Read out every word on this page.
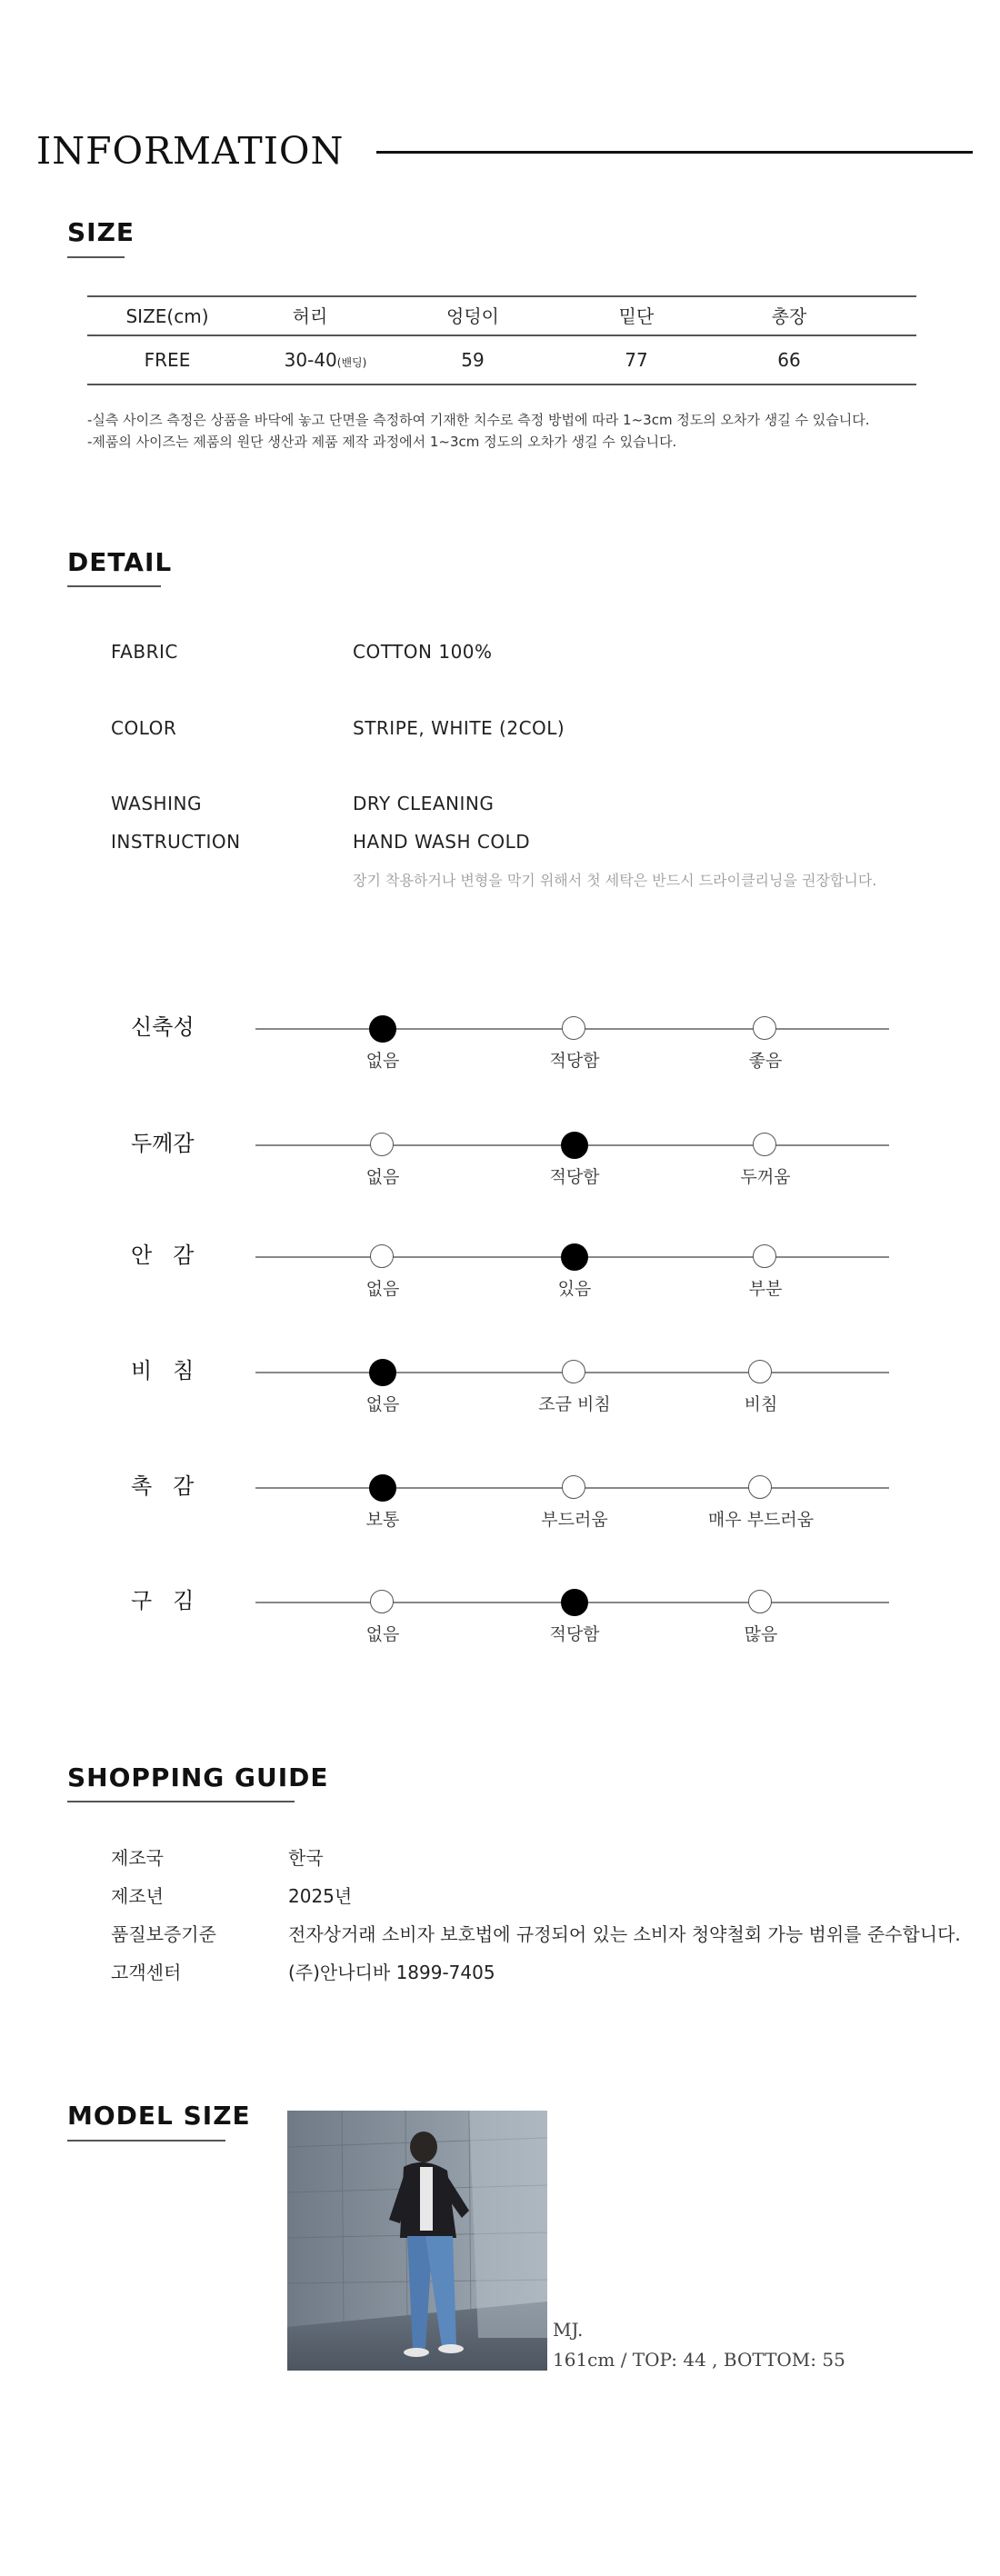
INFORMATION
SIZE
SIZE(cm)	허리	엉덩이	밑단	총장
FREE	30-40(밴딩)	59	77	66
-실측 사이즈 측정은 상품을 바닥에 놓고 단면을 측정하여 기재한 치수로 측정 방법에 따라 1~3cm 정도의 오차가 생길 수 있습니다.
-제품의 사이즈는 제품의 원단 생산과 제품 제작 과정에서 1~3cm 정도의 오차가 생길 수 있습니다.
DETAIL
FABRIC	COTTON 100%
COLOR	STRIPE, WHITE (2COL)
WASHING	DRY CLEANING
INSTRUCTION	HAND WASH COLD
장기 착용하거나 변형을 막기 위해서 첫 세탁은 반드시 드라이클리닝을 권장합니다.
신축성
없음	적당함	좋음
두께감
없음	적당함	두꺼움
안   감
없음	있음	부분
비   침
없음	조금 비침	비침
촉   감
보통	부드러움	매우 부드러움
구   김
없음	적당함	많음
SHOPPING GUIDE
제조국	한국
제조년	2025년
품질보증기준	전자상거래 소비자 보호법에 규정되어 있는 소비자 청약철회 가능 범위를 준수합니다.
고객센터	(주)안나디바 1899-7405
MODEL SIZE
MJ.
161cm / TOP: 44 , BOTTOM: 55
